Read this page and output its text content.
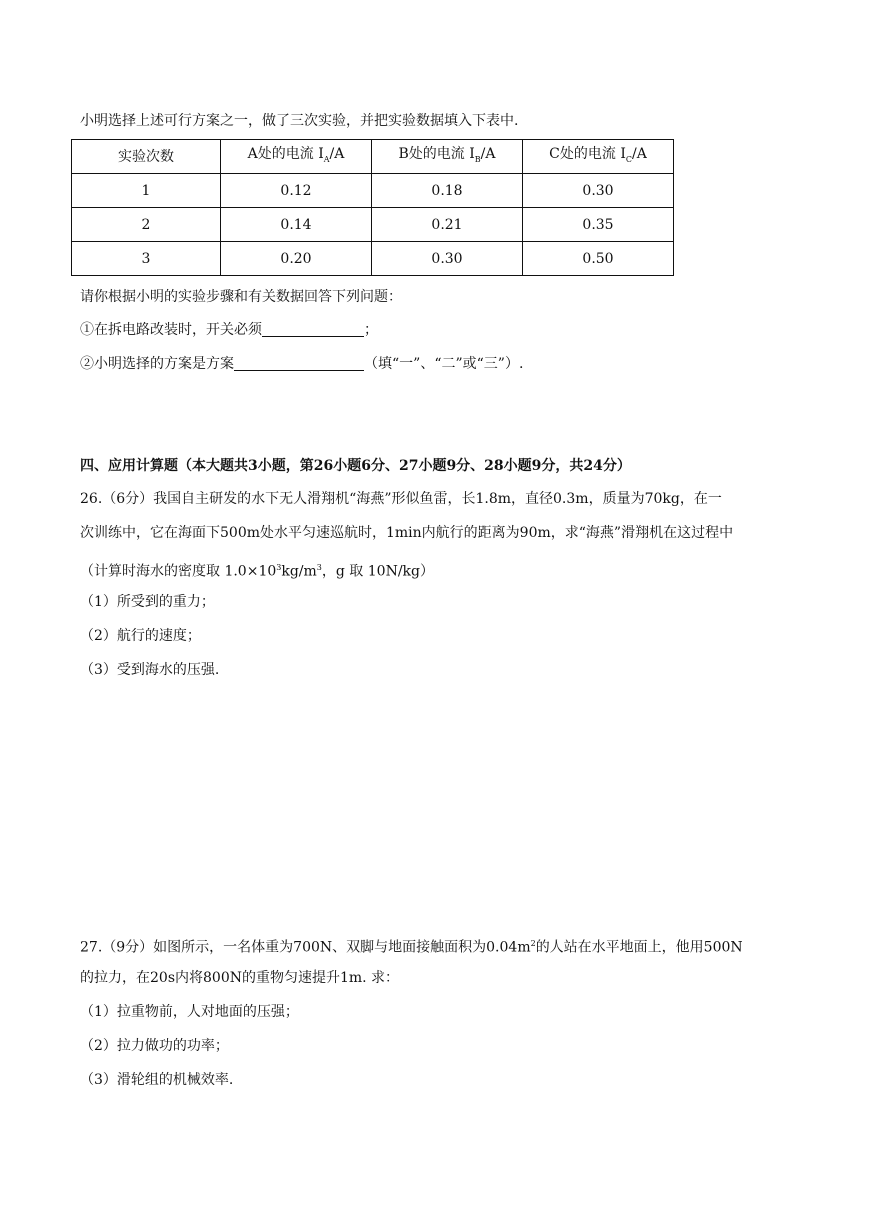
小明选择上述可行方案之一，做了三次实验，并把实验数据填入下表中.
实验次数	A处的电流 $I_A/A$	B处的电流 $I_B/A$	C处的电流 $I_C/A$
1	0.12	0.18	0.30
2	0.14	0.21	0.35
3	0.20	0.30	0.50
请你根据小明的实验步骤和有关数据回答下列问题：
①在拆电路改装时，开关必须	；
②小明选择的方案是方案	（填“一”、“二”或“三”）.
四、应用计算题（本大题共3小题，第26小题6分、27小题9分、28小题9分，共24分）
26.（6分）我国自主研发的水下无人滑翔机“海燕”形似鱼雷，长1.8m，直径0.3m，质量为70kg，在一
次训练中，它在海面下500m处水平匀速巡航时，1min内航行的距离为90m，求“海燕”滑翔机在这过程中
（计算时海水的密度取 $1.0\times 10^3kg/m^3$，g 取 10N/kg）
（1）所受到的重力；
（2）航行的速度；
（3）受到海水的压强.
27.（9分）如图所示，一名体重为700N、双脚与地面接触面积为$0.04m^2$的人站在水平地面上，他用500N
的拉力，在20s内将800N的重物匀速提升1m. 求：
（1）拉重物前，人对地面的压强；
（2）拉力做功的功率；
（3）滑轮组的机械效率.
